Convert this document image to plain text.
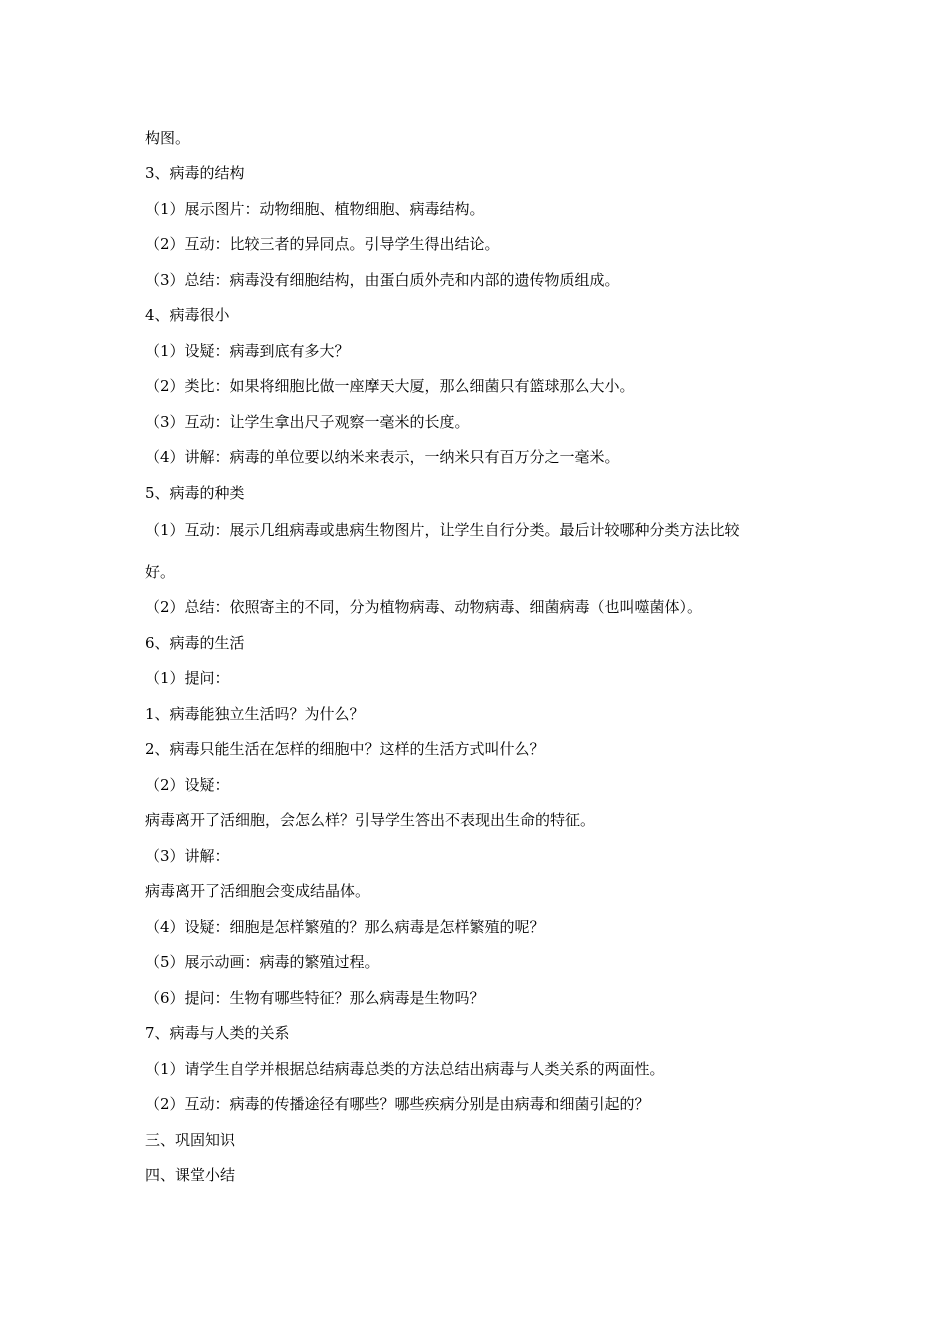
构图。
3、病毒的结构
（1）展示图片：动物细胞、植物细胞、病毒结构。
（2）互动：比较三者的异同点。引导学生得出结论。
（3）总结：病毒没有细胞结构，由蛋白质外壳和内部的遗传物质组成。
4、病毒很小
（1）设疑：病毒到底有多大？
（2）类比：如果将细胞比做一座摩天大厦，那么细菌只有篮球那么大小。
（3）互动：让学生拿出尺子观察一毫米的长度。
（4）讲解：病毒的单位要以纳米来表示，一纳米只有百万分之一毫米。
5、病毒的种类
（1）互动：展示几组病毒或患病生物图片，让学生自行分类。最后计较哪种分类方法比较
好。
（2）总结：依照寄主的不同，分为植物病毒、动物病毒、细菌病毒（也叫噬菌体）。
6、病毒的生活
（1）提问：
1、病毒能独立生活吗？为什么？
2、病毒只能生活在怎样的细胞中？这样的生活方式叫什么？
（2）设疑：
病毒离开了活细胞，会怎么样？引导学生答出不表现出生命的特征。
（3）讲解：
病毒离开了活细胞会变成结晶体。
（4）设疑：细胞是怎样繁殖的？那么病毒是怎样繁殖的呢？
（5）展示动画：病毒的繁殖过程。
（6）提问：生物有哪些特征？那么病毒是生物吗？
7、病毒与人类的关系
（1）请学生自学并根据总结病毒总类的方法总结出病毒与人类关系的两面性。
（2）互动：病毒的传播途径有哪些？哪些疾病分别是由病毒和细菌引起的？
三、巩固知识
四、课堂小结
